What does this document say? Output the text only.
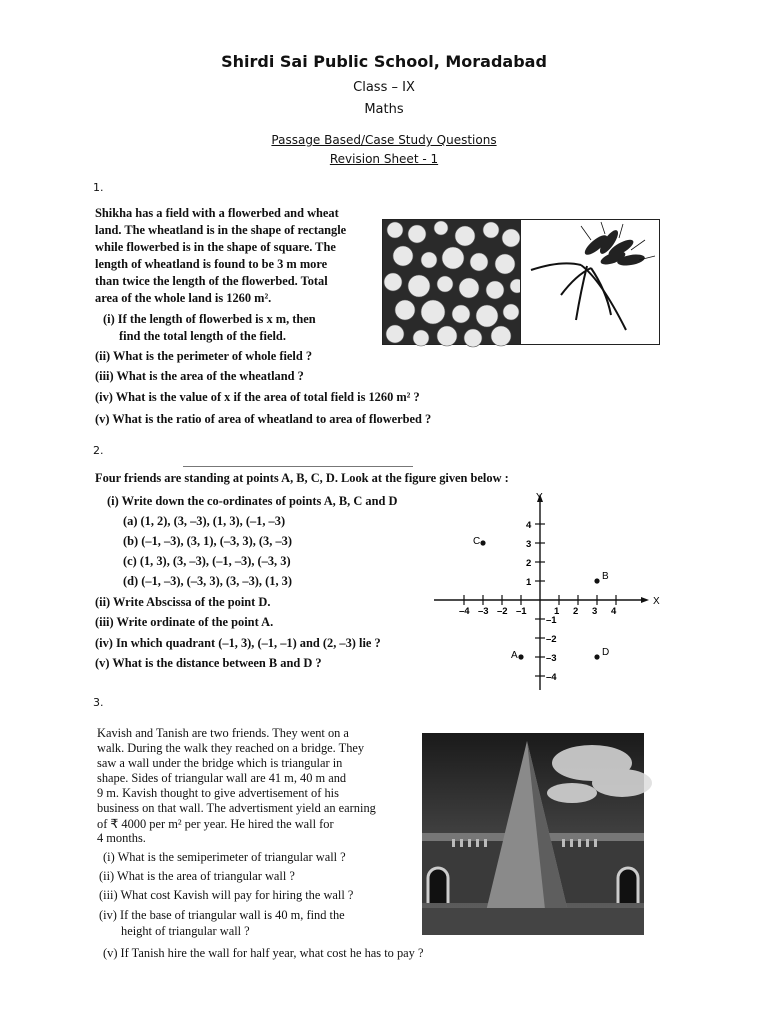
Shirdi Sai Public School, Moradabad
Class – IX
Maths
Passage Based/Case Study Questions
Revision Sheet - 1
1.
Shikha has a field with a flowerbed and wheat
land. The wheatland is in the shape of rectangle
while flowerbed is in the shape of square. The
length of wheatland is found to be 3 m more
than twice the length of the flowerbed. Total
area of the whole land is 1260 m².
(i) If the length of flowerbed is x m, then
find the total length of the field.
(ii) What is the perimeter of whole field ?
(iii) What is the area of the wheatland ?
(iv) What is the value of x if the area of total field is 1260 m² ?
(v) What is the ratio of area of wheatland to area of flowerbed ?
2.
Four friends are standing at points A, B, C, D. Look at the figure given below :
(i) Write down the co-ordinates of points A, B, C and D
(a) (1, 2), (3, –3), (1, 3), (–1, –3)
(b) (–1, –3), (3, 1), (–3, 3), (3, –3)
(c) (1, 3), (3, –3), (–1, –3), (–3, 3)
(d) (–1, –3), (–3, 3), (3, –3), (1, 3)
(ii) Write Abscissa of the point D.
(iii) Write ordinate of the point A.
(iv) In which quadrant (–1, 3), (–1, –1) and (2, –3) lie ?
(v) What is the distance between B and D ?
X
Y
–4 –3 –2 –1	1 2 3 4
4
3
2
1
–1
–2
–3
–4
A
B
C
D
3.
Kavish and Tanish are two friends. They went on a
walk. During the walk they reached on a bridge. They
saw a wall under the bridge which is triangular in
shape. Sides of triangular wall are 41 m, 40 m and
9 m. Kavish thought to give advertisement of his
business on that wall. The advertisment yield an earning
of ₹ 4000 per m² per year. He hired the wall for
4 months.
(i) What is the semiperimeter of triangular wall ?
(ii) What is the area of triangular wall ?
(iii) What cost Kavish will pay for hiring the wall ?
(iv) If the base of triangular wall is 40 m, find the
height of triangular wall ?
(v) If Tanish hire the wall for half year, what cost he has to pay ?
